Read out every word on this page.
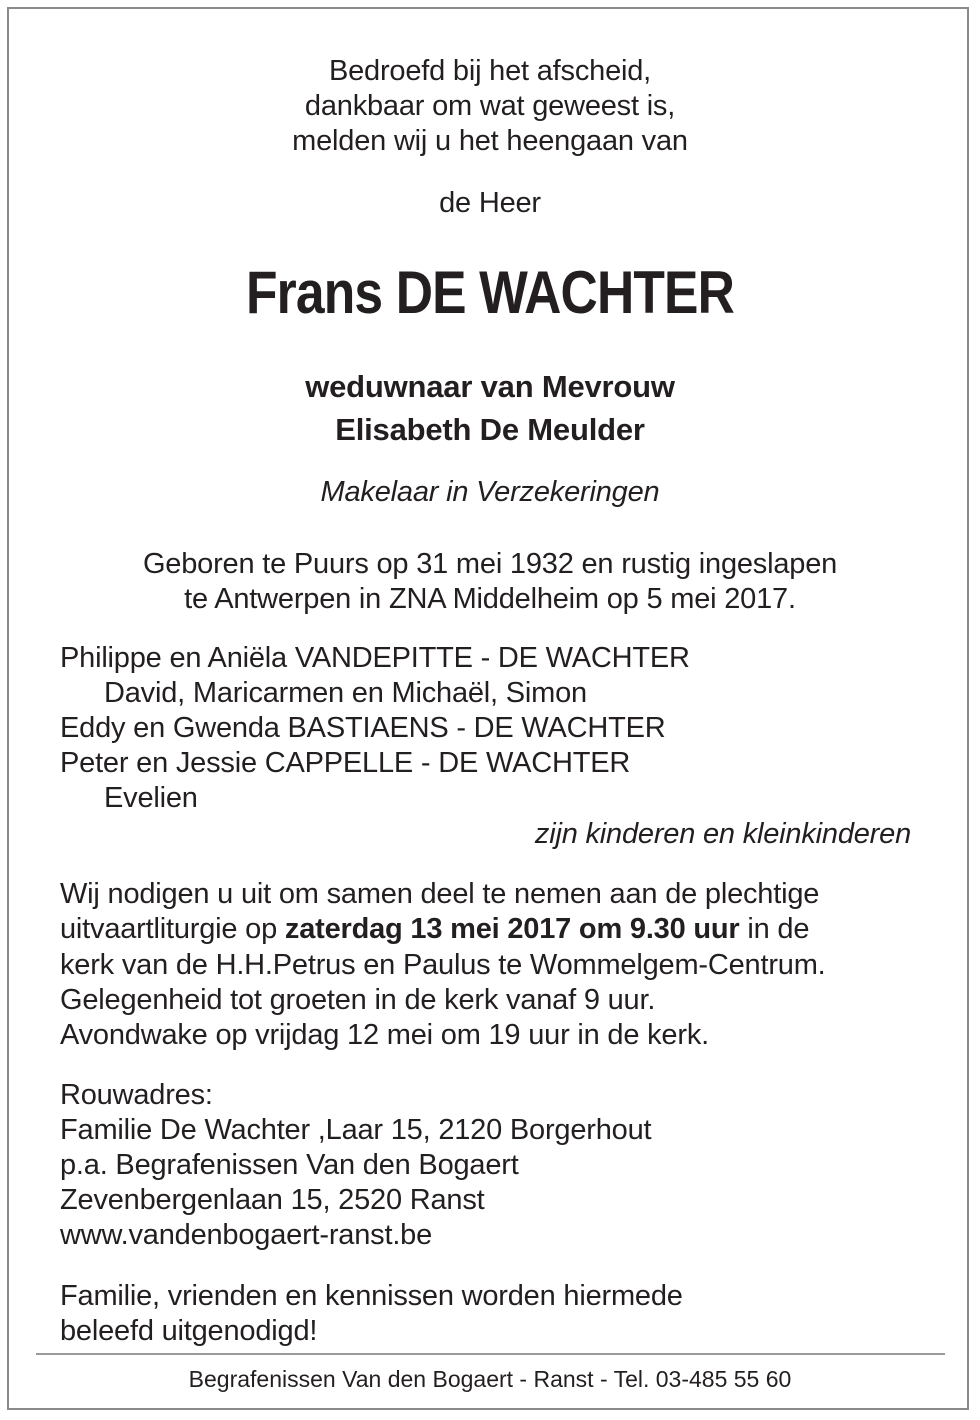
Bedroefd bij het afscheid,
dankbaar om wat geweest is,
melden wij u het heengaan van
de Heer
Frans DE WACHTER
weduwnaar van Mevrouw
Elisabeth De Meulder
Makelaar in Verzekeringen
Geboren te Puurs op 31 mei 1932 en rustig ingeslapen
te Antwerpen in ZNA Middelheim op 5 mei 2017.
Philippe en Aniëla VANDEPITTE - DE WACHTER
David, Maricarmen en Michaël, Simon
Eddy en Gwenda BASTIAENS - DE WACHTER
Peter en Jessie CAPPELLE - DE WACHTER
Evelien
zijn kinderen en kleinkinderen
Wij nodigen u uit om samen deel te nemen aan de plechtige
uitvaartliturgie op zaterdag 13 mei 2017 om 9.30 uur in de
kerk van de H.H.Petrus en Paulus te Wommelgem-Centrum.
Gelegenheid tot groeten in de kerk vanaf 9 uur.
Avondwake op vrijdag 12 mei om 19 uur in de kerk.
Rouwadres:
Familie De Wachter ,Laar 15, 2120 Borgerhout
p.a. Begrafenissen Van den Bogaert
Zevenbergenlaan 15, 2520 Ranst
www.vandenbogaert-ranst.be
Familie, vrienden en kennissen worden hiermede
beleefd uitgenodigd!
Begrafenissen Van den Bogaert - Ranst - Tel. 03-485 55 60
